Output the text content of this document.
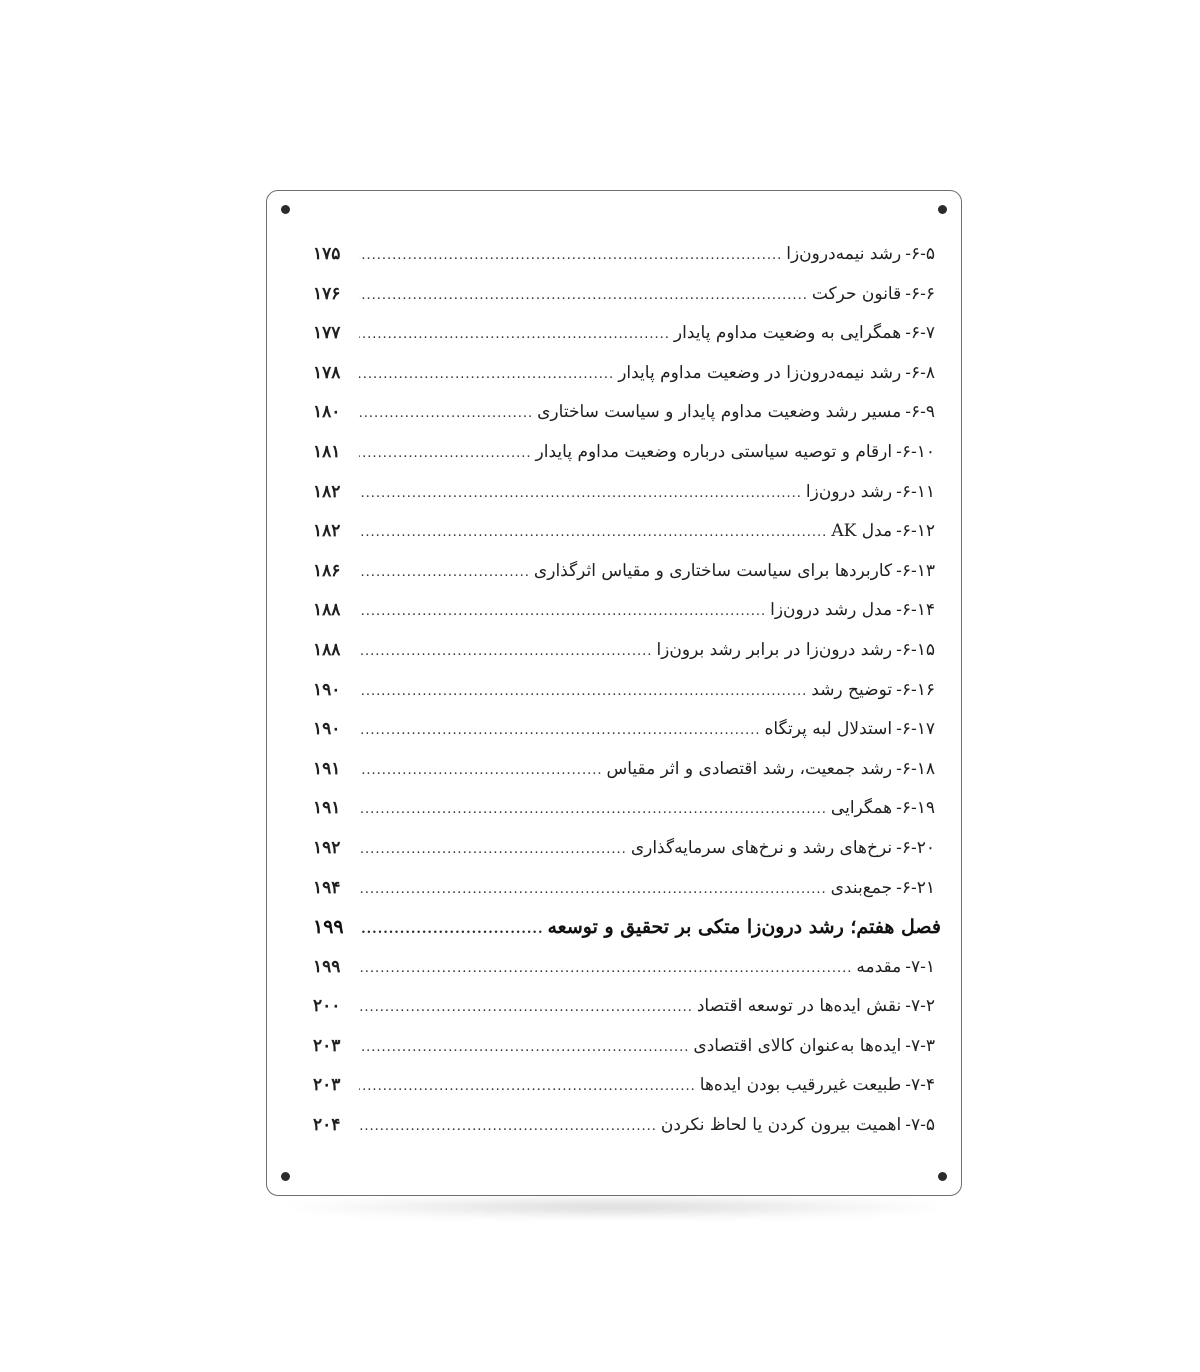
۶-۵-
رشد نیمه‌درون‌زا
.....
۱۷۵
۶-۶-
قانون حرکت
.....
۱۷۶
۶-۷-
همگرایی به وضعیت مداوم پایدار
.....
۱۷۷
۶-۸-
رشد نیمه‌درون‌زا در وضعیت مداوم پایدار
.....
۱۷۸
۶-۹-
مسیر رشد وضعیت مداوم پایدار و سیاست ساختاری
.....
۱۸۰
۶-۱۰-
ارقام و توصیه سیاستی درباره وضعیت مداوم پایدار
.....
۱۸۱
۶-۱۱-
رشد درون‌زا
.....
۱۸۲
۶-۱۲-
مدل AK
.....
۱۸۲
۶-۱۳-
کاربردها برای سیاست ساختاری و مقیاس اثرگذاری
.....
۱۸۶
۶-۱۴-
مدل رشد درون‌زا
.....
۱۸۸
۶-۱۵-
رشد درون‌زا در برابر رشد برون‌زا
.....
۱۸۸
۶-۱۶-
توضیح رشد
.....
۱۹۰
۶-۱۷-
استدلال لبه پرتگاه
.....
۱۹۰
۶-۱۸-
رشد جمعیت، رشد اقتصادی و اثر مقیاس
.....
۱۹۱
۶-۱۹-
همگرایی
.....
۱۹۱
۶-۲۰-
نرخ‌های رشد و نرخ‌های سرمایه‌گذاری
.....
۱۹۲
۶-۲۱-
جمع‌بندی
.....
۱۹۴
فصل هفتم؛ رشد درون‌زا متکی بر تحقیق و توسعه
.....
۱۹۹
۷-۱-
مقدمه
.....
۱۹۹
۷-۲-
نقش ایده‌ها در توسعه اقتصاد
.....
۲۰۰
۷-۳-
ایده‌ها به‌عنوان کالای اقتصادی
.....
۲۰۳
۷-۴-
طبیعت غیررقیب بودن ایده‌ها
.....
۲۰۳
۷-۵-
اهمیت بیرون کردن یا لحاظ نکردن
.....
۲۰۴
